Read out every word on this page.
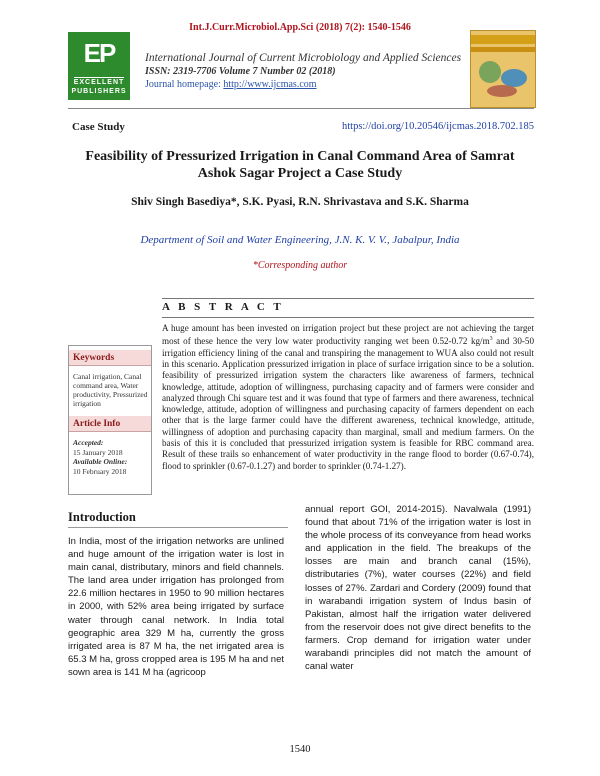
Int.J.Curr.Microbiol.App.Sci (2018) 7(2): 1540-1546
EP
EXCELLENT
PUBLISHERS
International Journal of Current Microbiology and Applied Sciences
ISSN: 2319-7706 Volume 7 Number 02 (2018)
Journal homepage: http://www.ijcmas.com
Case Study	https://doi.org/10.20546/ijcmas.2018.702.185
Feasibility of Pressurized Irrigation in Canal Command Area of Samrat
Ashok Sagar Project a Case Study
Shiv Singh Basediya*, S.K. Pyasi, R.N. Shrivastava and S.K. Sharma
Department of Soil and Water Engineering, J.N. K. V. V., Jabalpur, India
*Corresponding author
A B S T R A C T
A huge amount has been invested on irrigation project but these project are not achieving the target most of these hence the very low water productivity ranging wet been 0.52-0.72 $kg/m^3$ and 30-50 irrigation efficiency lining of the canal and transpiring the management to WUA also could not result in this scenario. Application pressurized irrigation in place of surface irrigation since to be a solution. feasibility of pressurized irrigation system the characters like awareness of farmers, technical knowledge, attitude, adoption of willingness, purchasing capacity and of farmers were consider and analyzed through Chi square test and it was found that type of farmers and there awareness, technical knowledge, attitude, adoption of willingness and purchasing capacity of farmers dependent on each other that is the large farmer could have the different awareness, technical knowledge, attitude, willingness of adoption and purchasing capacity than marginal, small and medium farmers. On the basis of this it is concluded that pressurized irrigation system is feasible for RBC command area. Result of these trails so enhancement of water productivity in the range flood to border (0.67-0.74), flood to sprinkler (0.67-0.1.27) and border to sprinkler (0.74-1.27).
Keywords
Canal irrigation, Canal command area, Water productivity, Pressurized irrigation
Article Info
Accepted:
15 January 2018
Available Online:
10 February 2018
Introduction
In India, most of the irrigation networks are unlined and huge amount of the irrigation water is lost in main canal, distributary, minors and field channels. The land area under irrigation has prolonged from 22.6 million hectares in 1950 to 90 million hectares in 2000, with 52% area being irrigated by surface water through canal network. In India total geographic area 329 M ha, currently the gross irrigated area is 87 M ha, the net irrigated area is 65.3 M ha, gross cropped area is 195 M ha and net sown area is 141 M ha (agricoop
annual report GOI, 2014-2015). Navalwala (1991) found that about 71% of the irrigation water is lost in the whole process of its conveyance from head works and application in the field. The breakups of the losses are main and branch canal (15%), distributaries (7%), water courses (22%) and field losses of 27%. Zardari and Cordery (2009) found that in warabandi irrigation system of Indus basin of Pakistan, almost half the irrigation water delivered from the reservoir does not give direct benefits to the farmers. Crop demand for irrigation water under warabandi principles did not match the amount of canal water
1540
